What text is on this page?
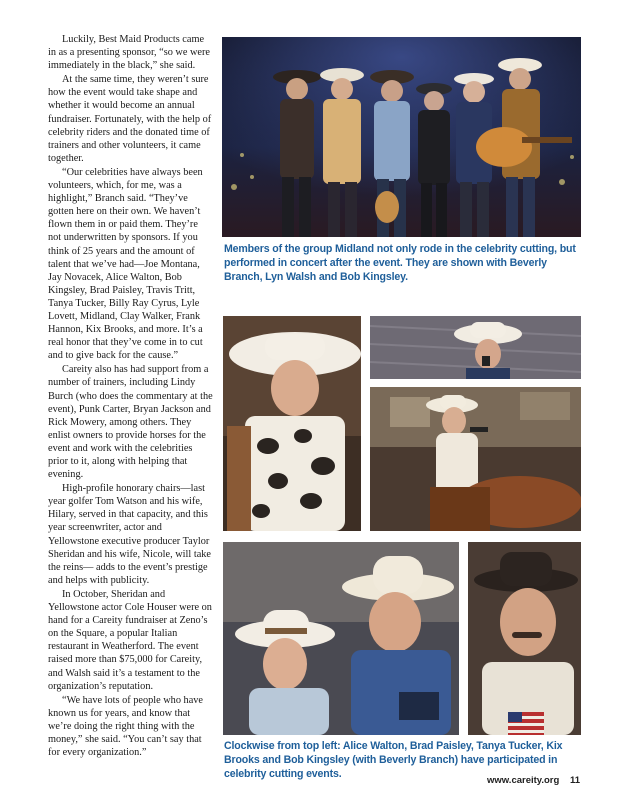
Luckily, Best Maid Products came in as a presenting sponsor, “so we were immediately in the black,” she said.

At the same time, they weren’t sure how the event would take shape and whether it would become an annual fundraiser. Fortunately, with the help of celebrity riders and the donated time of trainers and other volunteers, it came together.

“Our celebrities have always been volunteers, which, for me, was a highlight,” Branch said. “They’ve gotten here on their own. We haven’t flown them in or paid them. They’re not underwritten by sponsors. If you think of 25 years and the amount of talent that we’ve had—Joe Montana, Jay Novacek, Alice Walton, Bob Kingsley, Brad Paisley, Travis Tritt, Tanya Tucker, Billy Ray Cyrus, Lyle Lovett, Midland, Clay Walker, Frank Hannon, Kix Brooks, and more. It’s a real honor that they’ve come in to cut and to give back for the cause.”

Careity also has had support from a number of trainers, including Lindy Burch (who does the commentary at the event), Punk Carter, Bryan Jackson and Rick Mowery, among others. They enlist owners to provide horses for the event and work with the celebrities prior to it, along with helping that evening.

High-profile honorary chairs—last year golfer Tom Watson and his wife, Hilary, served in that capacity, and this year screenwriter, actor and Yellowstone executive producer Taylor Sheridan and his wife, Nicole, will take the reins— adds to the event’s prestige and helps with publicity.

In October, Sheridan and Yellowstone actor Cole Houser were on hand for a Careity fundraiser at Zeno’s on the Square, a popular Italian restaurant in Weatherford. The event raised more than $75,000 for Careity, and Walsh said it’s a testament to the organization’s reputation.

“We have lots of people who have known us for years, and know that we’re doing the right thing with the money,” she said. “You can’t say that for every organization.”

Members of the group Midland not only rode in the celebrity cutting, but performed in concert after the event. They are shown with Beverly Branch, Lyn Walsh and Bob Kingsley.
Clockwise from top left: Alice Walton, Brad Paisley, Tanya Tucker, Kix Brooks and Bob Kingsley (with Beverly Branch) have participated in celebrity cutting events.
www.careity.org 11
